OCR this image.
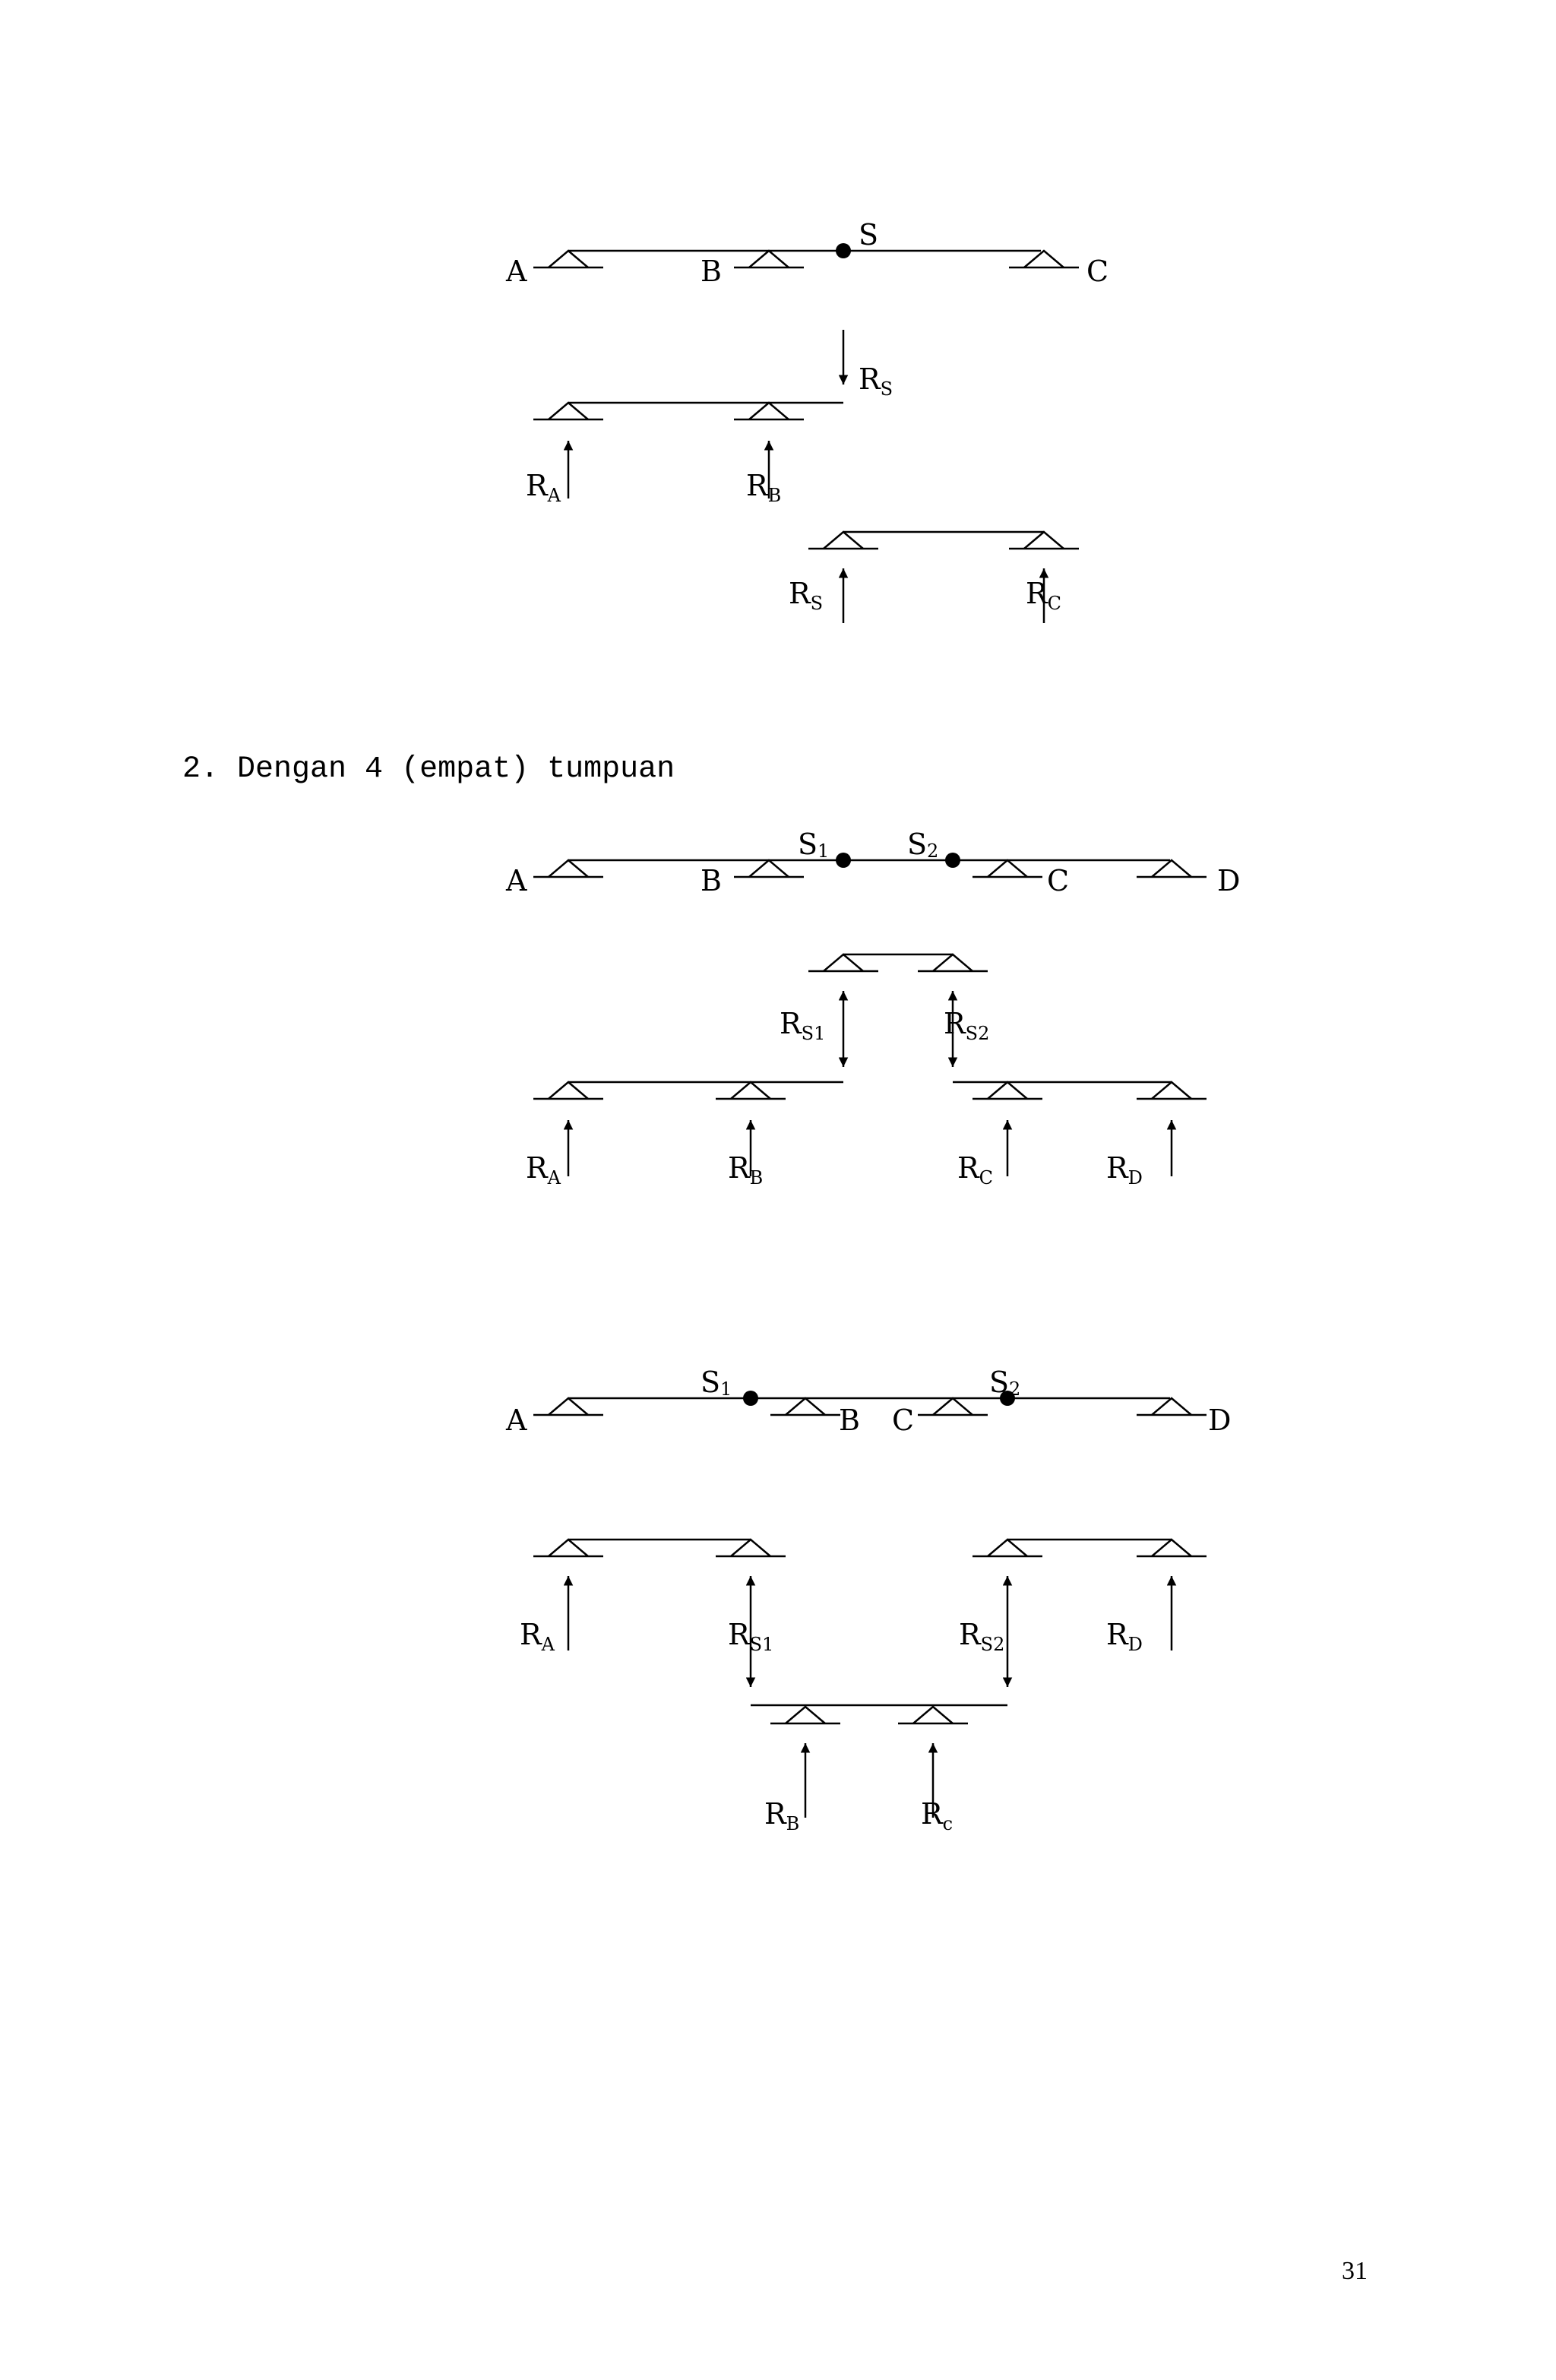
A	B	C
S
RS
RA	RB
RS	RC
A	B	C	D
S1	S2
RS1	RS2
RA	RB	RC	RD
A	B C	D
S1	S2
RA	RS1	RS2	RD
RB	Rc
2. Dengan 4 (empat) tumpuan
31
